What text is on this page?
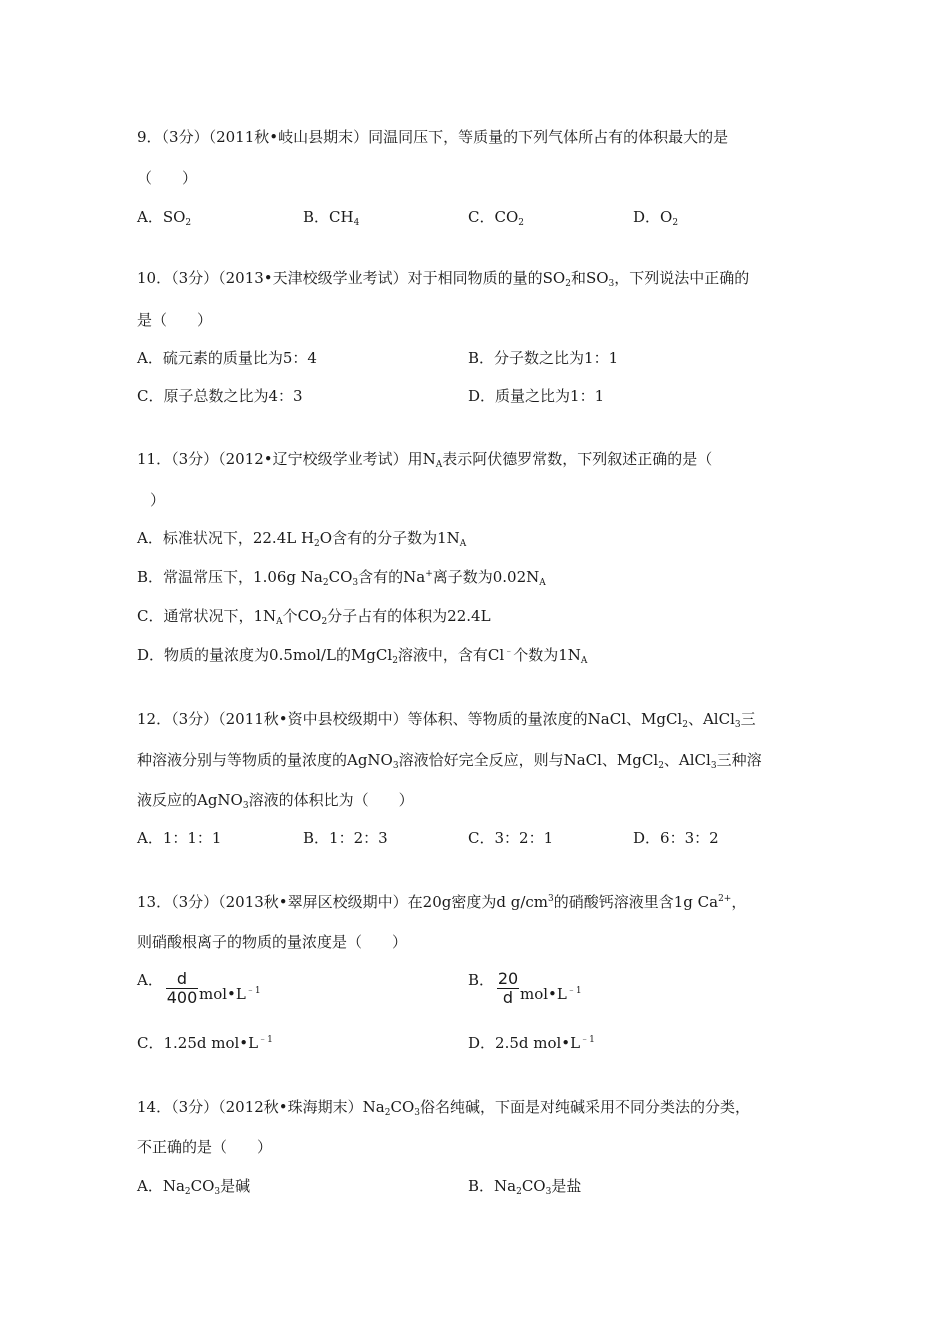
9．（3分）（2011秋•岐山县期末）同温同压下，等质量的下列气体所占有的体积最大的是
（　　）
A．$SO_2$	B．$CH_4$	C．$CO_2$	D．$O_2$
10．（3分）（2013•天津校级学业考试）对于相同物质的量的$SO_2$和$SO_3$，下列说法中正确的
是（　　）
A．硫元素的质量比为5：4	B．分子数之比为1：1
C．原子总数之比为4：3	D．质量之比为1：1
11．（3分）（2012•辽宁校级学业考试）用$N_A$表示阿伏德罗常数，下列叙述正确的是（
）
A．标准状况下，22.4L $H_2O$含有的分子数为$1N_A$
B．常温常压下，1.06g $Na_2CO_3$含有的Na+离子数为$0.02N_A$
C．通常状况下，$1N_A$个$CO_2$分子占有的体积为22.4L
D．物质的量浓度为0.5mol/L的MgCl$_2$溶液中，含有Cl﹣个数为$1N_A$
12．（3分）（2011秋•资中县校级期中）等体积、等物质的量浓度的NaCl、MgCl$_2$、AlCl$_3$三
种溶液分别与等物质的量浓度的AgNO$_3$溶液恰好完全反应，则与NaCl、MgCl$_2$、AlCl$_3$三种溶
液反应的AgNO$_3$溶液的体积比为（　　）
A．1：1：1	B．1：2：3	C．3：2：1	D．6：3：2
13．（3分）（2013秋•翠屏区校级期中）在20g密度为d $g/cm^3$的硝酸钙溶液里含1g $Ca^{2+}$，
则硝酸根离子的物质的量浓度是（　　）
A． d
400 $mol•L^{﹣1}$
B． 20
d $mol•L^{﹣1}$
C．1.25d $mol•L^{﹣1}$	D．2.5d $mol•L^{﹣1}$
14．（3分）（2012秋•珠海期末）$Na_2CO_3$俗名纯碱，下面是对纯碱采用不同分类法的分类，
不正确的是（　　）
A．$Na_2CO_3$是碱	B．$Na_2CO_3$是盐
